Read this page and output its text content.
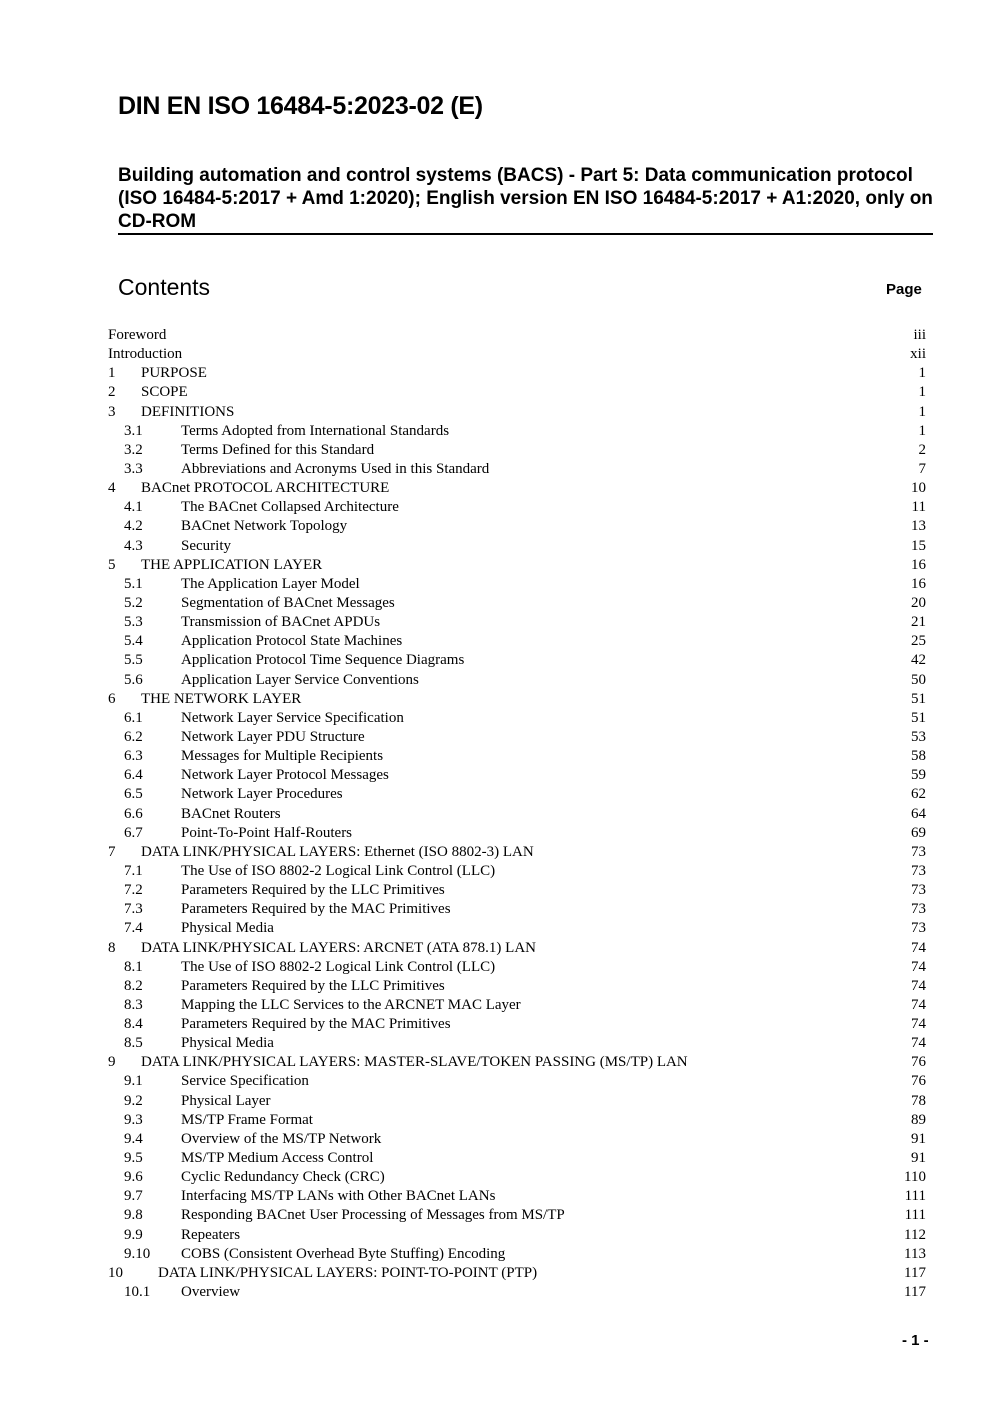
DIN EN ISO 16484-5:2023-02 (E)
Building automation and control systems (BACS) - Part 5: Data communication protocol (ISO 16484-5:2017 + Amd 1:2020); English version EN ISO 16484-5:2017 + A1:2020, only on CD-ROM
Contents	Page
Foreword	iii
Introduction	xii
1 PURPOSE	1
2 SCOPE	1
3 DEFINITIONS	1
3.1	Terms Adopted from International Standards	1
3.2	Terms Defined for this Standard	2
3.3	Abbreviations and Acronyms Used in this Standard	7
4 BACnet PROTOCOL ARCHITECTURE	10
4.1	The BACnet Collapsed Architecture	11
4.2	BACnet Network Topology	13
4.3	Security	15
5 THE APPLICATION LAYER	16
5.1	The Application Layer Model	16
5.2	Segmentation of BACnet Messages	20
5.3	Transmission of BACnet APDUs	21
5.4	Application Protocol State Machines	25
5.5	Application Protocol Time Sequence Diagrams	42
5.6	Application Layer Service Conventions	50
6 THE NETWORK LAYER	51
6.1	Network Layer Service Specification	51
6.2	Network Layer PDU Structure	53
6.3	Messages for Multiple Recipients	58
6.4	Network Layer Protocol Messages	59
6.5	Network Layer Procedures	62
6.6	BACnet Routers	64
6.7	Point-To-Point Half-Routers	69
7 DATA LINK/PHYSICAL LAYERS: Ethernet (ISO 8802-3) LAN	73
7.1	The Use of ISO 8802-2 Logical Link Control (LLC)	73
7.2	Parameters Required by the LLC Primitives	73
7.3	Parameters Required by the MAC Primitives	73
7.4	Physical Media	73
8 DATA LINK/PHYSICAL LAYERS: ARCNET (ATA 878.1) LAN	74
8.1	The Use of ISO 8802-2 Logical Link Control (LLC)	74
8.2	Parameters Required by the LLC Primitives	74
8.3	Mapping the LLC Services to the ARCNET MAC Layer	74
8.4	Parameters Required by the MAC Primitives	74
8.5	Physical Media	74
9 DATA LINK/PHYSICAL LAYERS: MASTER-SLAVE/TOKEN PASSING (MS/TP) LAN	76
9.1	Service Specification	76
9.2	Physical Layer	78
9.3	MS/TP Frame Format	89
9.4	Overview of the MS/TP Network	91
9.5	MS/TP Medium Access Control	91
9.6	Cyclic Redundancy Check (CRC)	110
9.7	Interfacing MS/TP LANs with Other BACnet LANs	111
9.8	Responding BACnet User Processing of Messages from MS/TP	111
9.9	Repeaters	112
9.10 COBS (Consistent Overhead Byte Stuffing) Encoding	113
10 DATA LINK/PHYSICAL LAYERS: POINT-TO-POINT (PTP)	117
10.1 Overview	117
- 1 -
